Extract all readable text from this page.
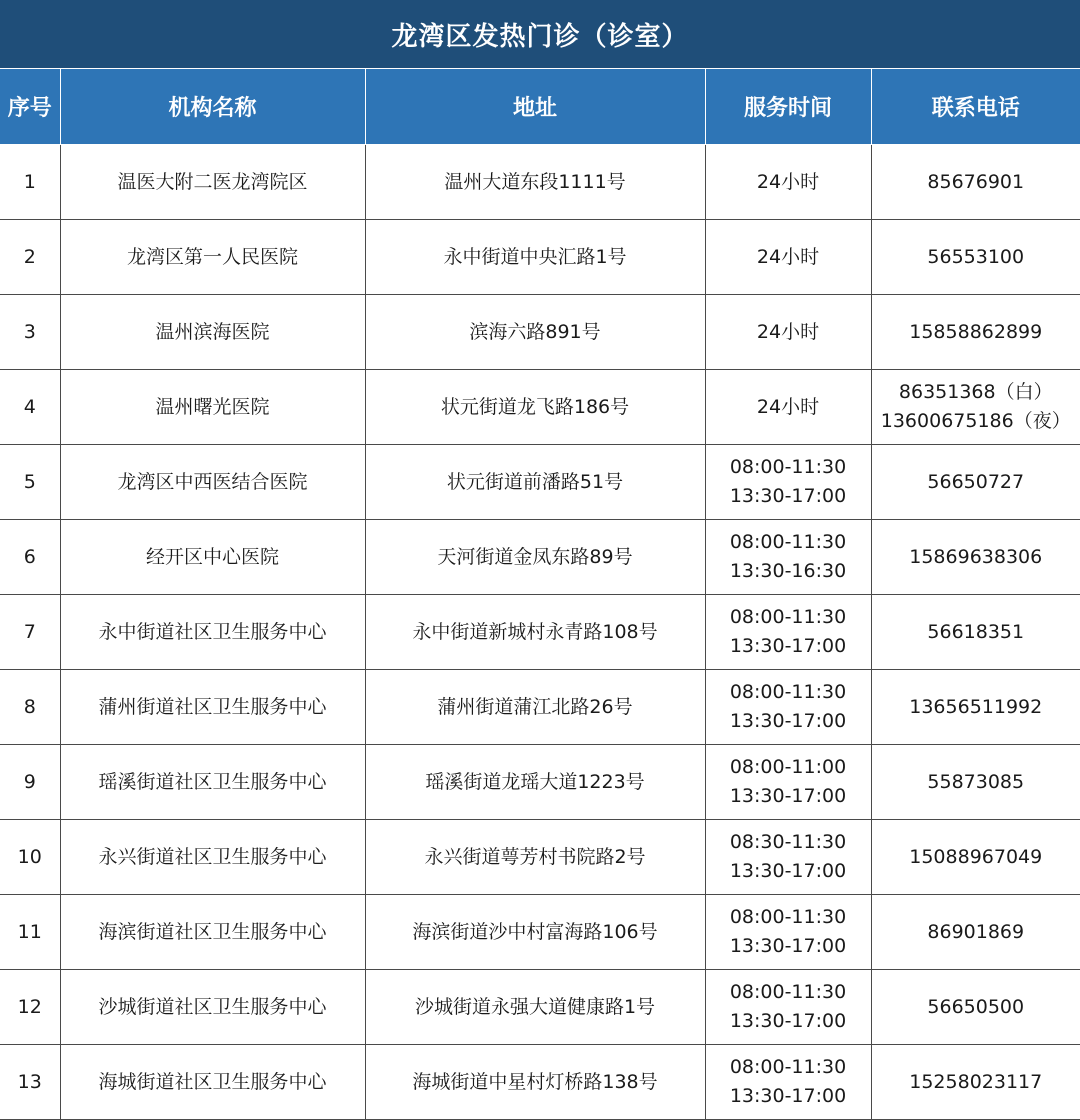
龙湾区发热门诊（诊室）
序号	机构名称	地址	服务时间	联系电话
1	温医大附二医龙湾院区	温州大道东段1111号	24小时	85676901

2	龙湾区第一人民医院	永中街道中央汇路1号	24小时	56553100

3	温州滨海医院	滨海六路891号	24小时	15858862899

4	温州曙光医院	状元街道龙飞路186号	24小时	86351368（白）
13600675186（夜）

5	龙湾区中西医结合医院	状元街道前潘路51号	08:00-11:30
13:30-17:00	56650727

6	经开区中心医院	天河街道金凤东路89号	08:00-11:30
13:30-16:30	15869638306

7	永中街道社区卫生服务中心	永中街道新城村永青路108号	08:00-11:30
13:30-17:00	56618351

8	蒲州街道社区卫生服务中心	蒲州街道蒲江北路26号	08:00-11:30
13:30-17:00	13656511992

9	瑶溪街道社区卫生服务中心	瑶溪街道龙瑶大道1223号	08:00-11:00
13:30-17:00	55873085

10	永兴街道社区卫生服务中心	永兴街道萼芳村书院路2号	08:30-11:30
13:30-17:00	15088967049

11	海滨街道社区卫生服务中心	海滨街道沙中村富海路106号	08:00-11:30
13:30-17:00	86901869

12	沙城街道社区卫生服务中心	沙城街道永强大道健康路1号	08:00-11:30
13:30-17:00	56650500

13	海城街道社区卫生服务中心	海城街道中星村灯桥路138号	08:00-11:30
13:30-17:00	15258023117
